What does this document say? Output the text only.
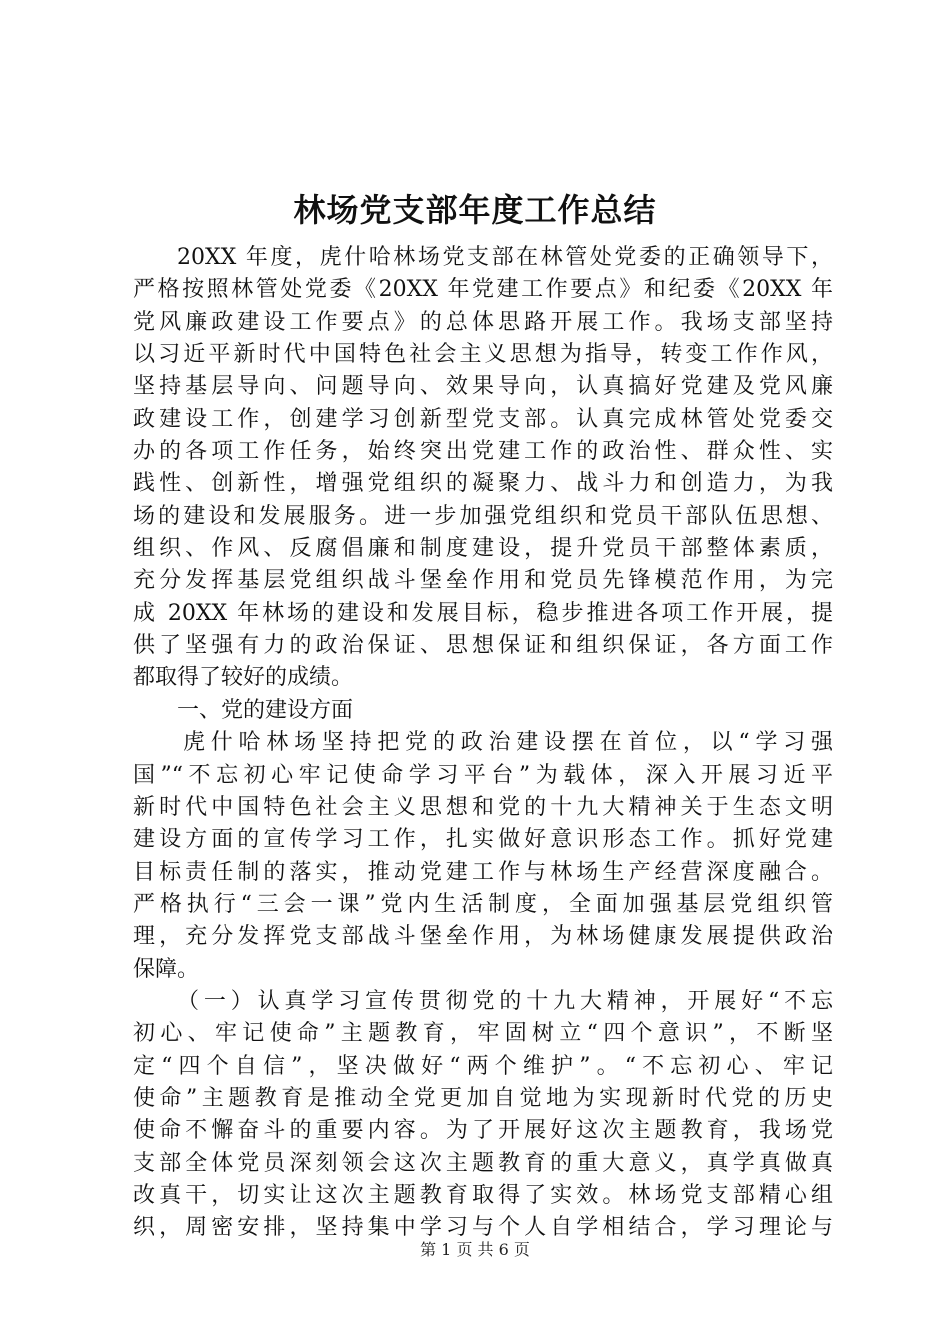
林场党支部年度工作总结
20XX 年度，虎什哈林场党支部在林管处党委的正确领导下，
严格按照林管处党委《20XX 年党建工作要点》和纪委《20XX 年
党风廉政建设工作要点》的总体思路开展工作。我场支部坚持
以习近平新时代中国特色社会主义思想为指导，转变工作作风，
坚持基层导向、问题导向、效果导向，认真搞好党建及党风廉
政建设工作，创建学习创新型党支部。认真完成林管处党委交
办的各项工作任务，始终突出党建工作的政治性、群众性、实
践性、创新性，增强党组织的凝聚力、战斗力和创造力，为我
场的建设和发展服务。进一步加强党组织和党员干部队伍思想、
组织、作风、反腐倡廉和制度建设，提升党员干部整体素质，
充分发挥基层党组织战斗堡垒作用和党员先锋模范作用，为完
成 20XX 年林场的建设和发展目标，稳步推进各项工作开展，提
供了坚强有力的政治保证、思想保证和组织保证，各方面工作
都取得了较好的成绩。
一、党的建设方面
虎什哈林场坚持把党的政治建设摆在首位，以“学习强
国”“不忘初心牢记使命学习平台”为载体，深入开展习近平
新时代中国特色社会主义思想和党的十九大精神关于生态文明
建设方面的宣传学习工作，扎实做好意识形态工作。抓好党建
目标责任制的落实，推动党建工作与林场生产经营深度融合。
严格执行“三会一课”党内生活制度，全面加强基层党组织管
理，充分发挥党支部战斗堡垒作用，为林场健康发展提供政治
保障。
（一）认真学习宣传贯彻党的十九大精神，开展好“不忘
初心、牢记使命”主题教育，牢固树立“四个意识”，不断坚
定“四个自信”，坚决做好“两个维护”。“不忘初心、牢记
使命”主题教育是推动全党更加自觉地为实现新时代党的历史
使命不懈奋斗的重要内容。为了开展好这次主题教育，我场党
支部全体党员深刻领会这次主题教育的重大意义，真学真做真
改真干，切实让这次主题教育取得了实效。林场党支部精心组
织，周密安排，坚持集中学习与个人自学相结合，学习理论与
第 1 页 共 6 页
